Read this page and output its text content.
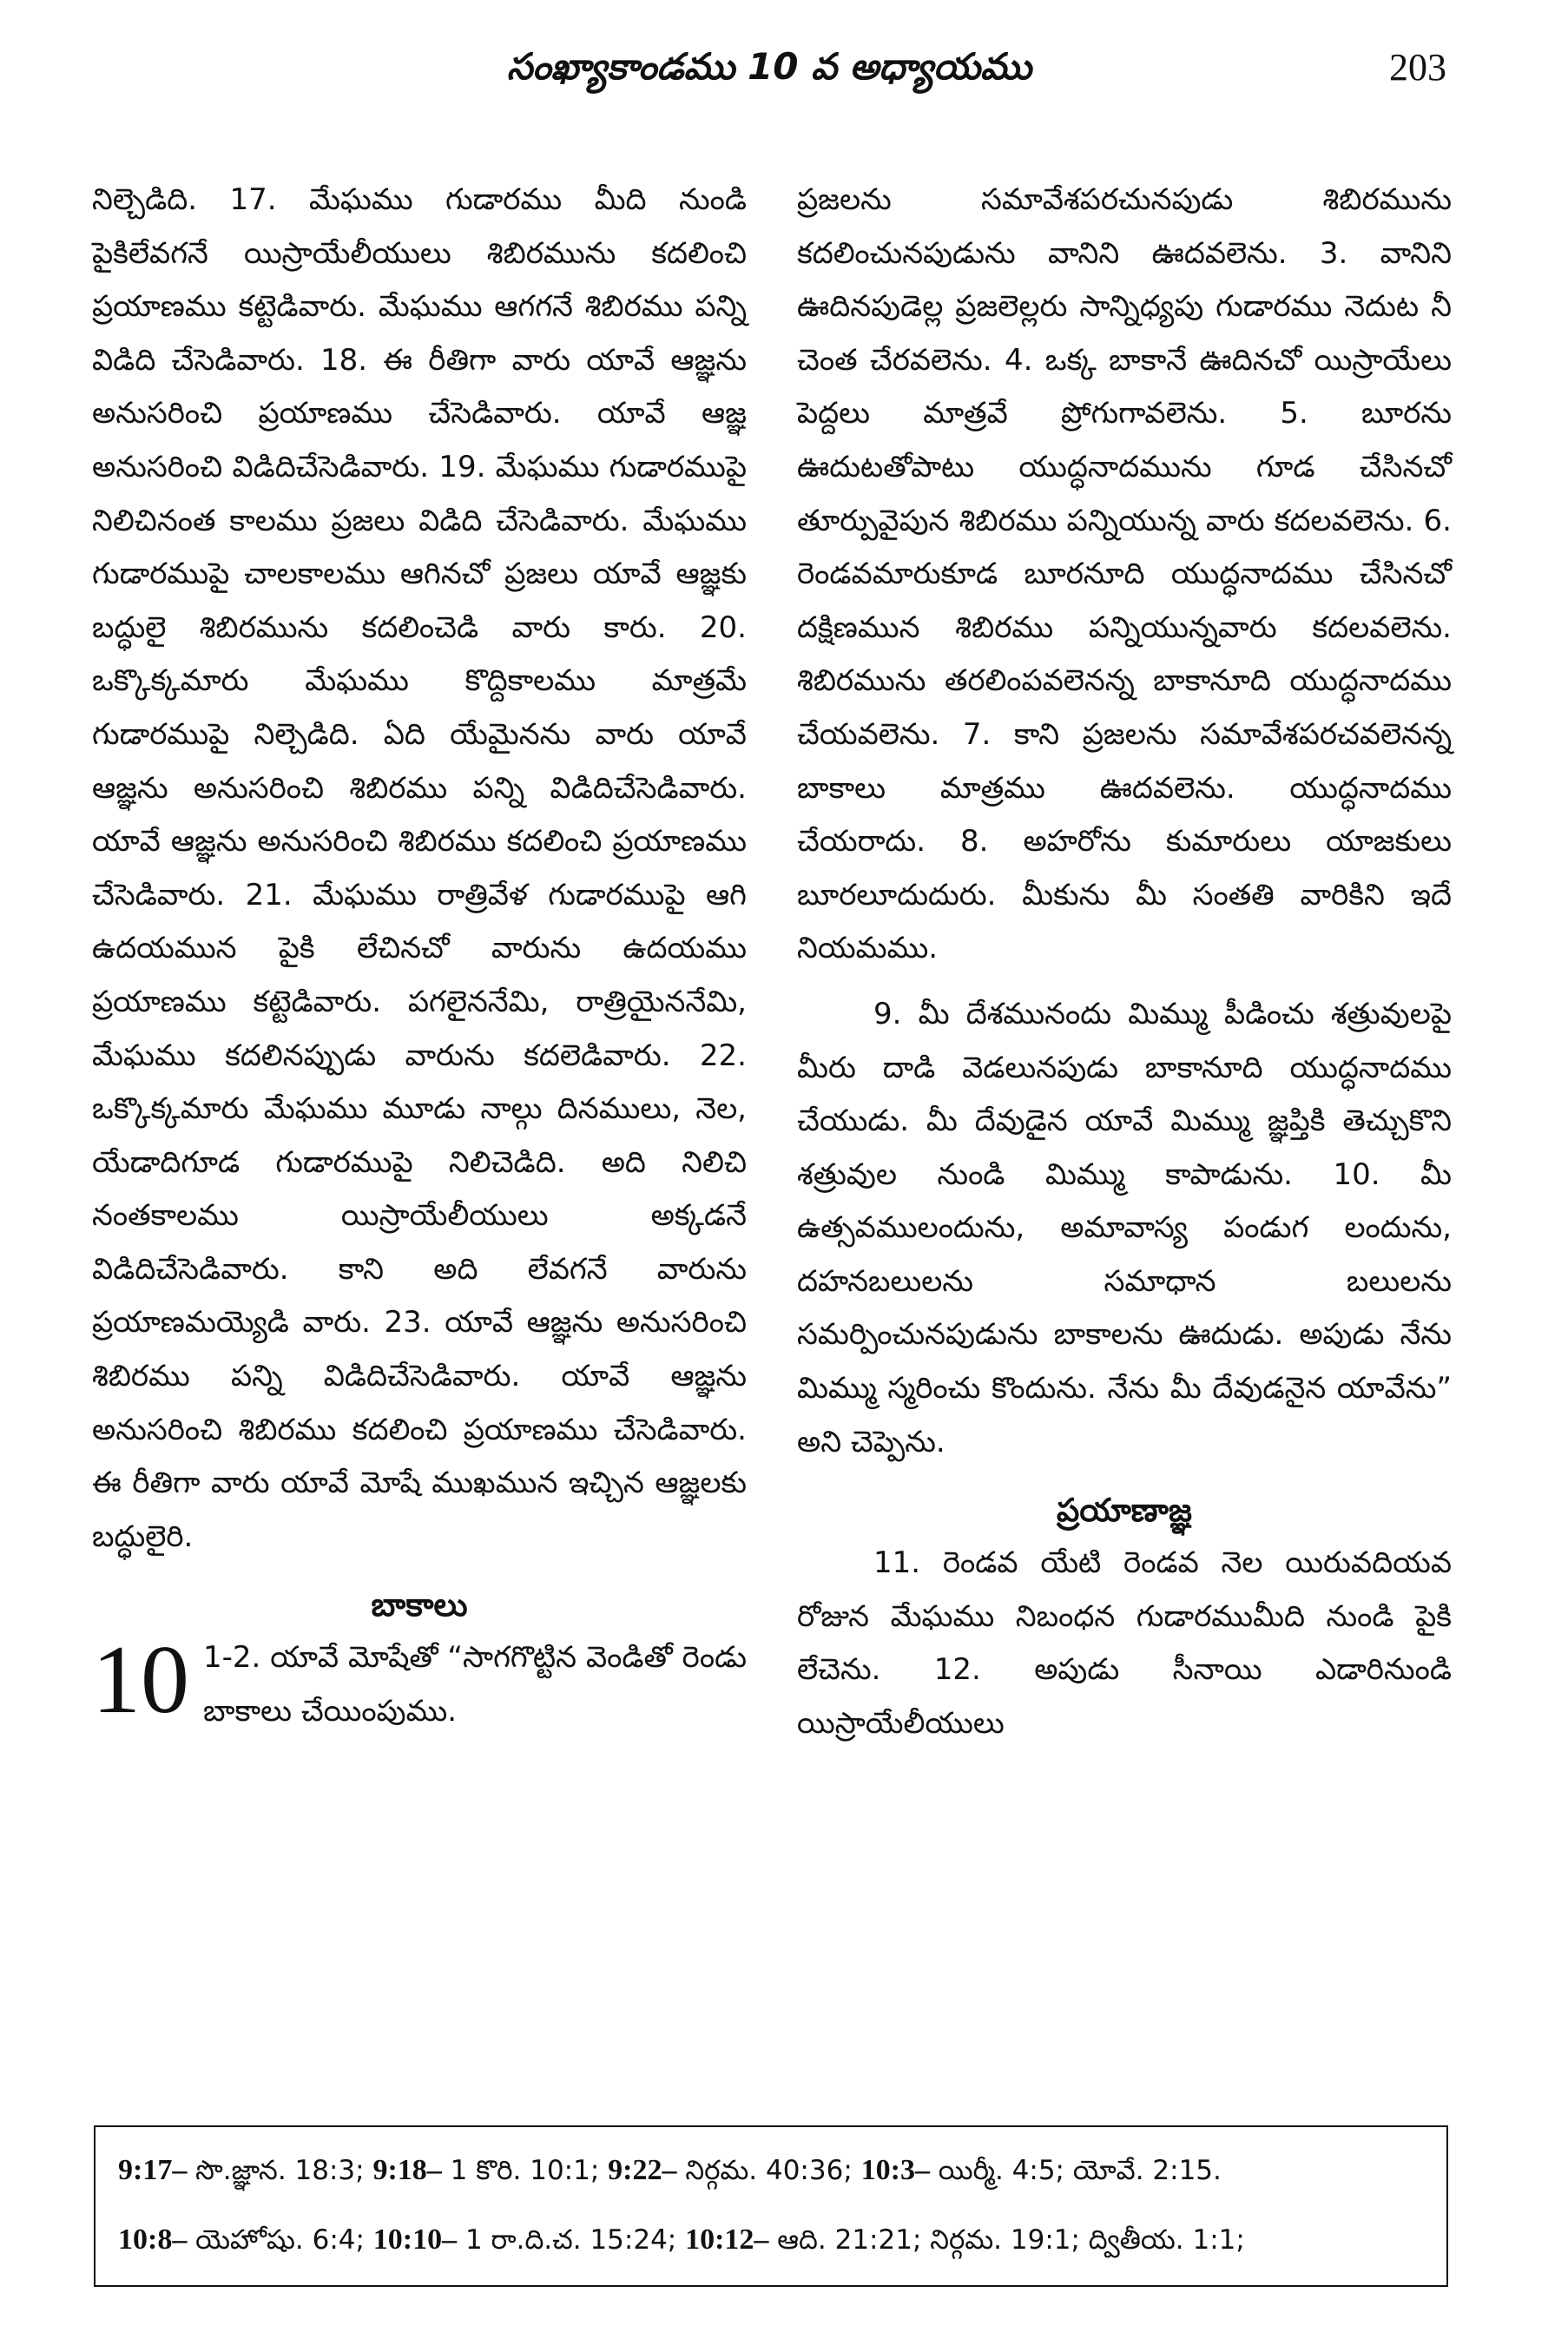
సంఖ్యాకాండము 10 వ అధ్యాయము	203

నిల్చెడిది. 17. మేఘము గుడారము మీది నుండి పైకిలేవగనే యిస్రాయేలీయులు శిబిరమును కదలించి ప్రయాణము కట్టెడివారు. మేఘము ఆగగనే శిబిరము పన్ని విడిది చేసెడివారు. 18. ఈ రీతిగా వారు యావే ఆజ్ఞను అనుసరించి ప్రయాణము చేసెడివారు. యావే ఆజ్ఞ అనుసరించి విడిదిచేసెడివారు. 19. మేఘము గుడారముపై నిలిచినంత కాలము ప్రజలు విడిది చేసెడివారు. మేఘము గుడారముపై చాలకాలము ఆగినచో ప్రజలు యావే ఆజ్ఞకు బద్ధులై శిబిరమును కదలించెడి వారు కారు. 20. ఒక్కొక్కమారు మేఘము కొద్దికాలము మాత్రమే గుడారముపై నిల్చెడిది. ఏది యేమైనను వారు యావే ఆజ్ఞను అనుసరించి శిబిరము పన్ని విడిదిచేసెడివారు. యావే ఆజ్ఞను అనుసరించి శిబిరము కదలించి ప్రయాణము చేసెడివారు. 21. మేఘము రాత్రివేళ గుడారముపై ఆగి ఉదయమున పైకి లేచినచో వారును ఉదయము ప్రయాణము కట్టెడివారు. పగలైననేమి, రాత్రియైననేమి, మేఘము కదలినప్పుడు వారును కదలెడివారు. 22. ఒక్కొక్కమారు మేఘము మూడు నాల్గు దినములు, నెల, యేడాదిగూడ గుడారముపై నిలిచెడిది. అది నిలిచి నంతకాలము యిస్రాయేలీయులు అక్కడనే విడిదిచేసెడివారు. కాని అది లేవగనే వారును ప్రయాణమయ్యెడి వారు. 23. యావే ఆజ్ఞను అనుసరించి శిబిరము పన్ని విడిదిచేసెడివారు. యావే ఆజ్ఞను అనుసరించి శిబిరము కదలించి ప్రయాణము చేసెడివారు. ఈ రీతిగా వారు యావే మోషే ముఖమున ఇచ్చిన ఆజ్ఞలకు బద్ధులైరి.

బాకాలు
10 1-2. యావే మోషేతో “సాగగొట్టిన వెండితో రెండు బాకాలు చేయింపుము.

ప్రజలను సమావేశపరచునపుడు శిబిరమును కదలించునపుడును వానిని ఊదవలెను. 3. వానిని ఊదినపుడెల్ల ప్రజలెల్లరు సాన్నిధ్యపు గుడారము నెదుట నీ చెంత చేరవలెను. 4. ఒక్క బాకానే ఊదినచో యిస్రాయేలు పెద్దలు మాత్రవే ప్రోగుగావలెను. 5. బూరను ఊదుటతోపాటు యుద్ధనాదమును గూడ చేసినచో తూర్పువైపున శిబిరము పన్నియున్న వారు కదలవలెను. 6. రెండవమారుకూడ బూరనూది యుద్ధనాదము చేసినచో దక్షిణమున శిబిరము పన్నియున్నవారు కదలవలెను. శిబిరమును తరలింపవలెనన్న బాకానూది యుద్ధనాదము చేయవలెను. 7. కాని ప్రజలను సమావేశపరచవలెనన్న బాకాలు మాత్రము ఊదవలెను. యుద్ధనాదము చేయరాదు. 8. అహరోను కుమారులు యాజకులు బూరలూదుదురు. మీకును మీ సంతతి వారికిని ఇదే నియమము.

9. మీ దేశమునందు మిమ్ము పీడించు శత్రువులపై మీరు దాడి వెడలునపుడు బాకానూది యుద్ధనాదము చేయుడు. మీ దేవుడైన యావే మిమ్ము జ్ఞప్తికి తెచ్చుకొని శత్రువుల నుండి మిమ్ము కాపాడును. 10. మీ ఉత్సవములందును, అమావాస్య పండుగ లందును, దహనబలులను సమాధాన బలులను సమర్పించునపుడును బాకాలను ఊదుడు. అపుడు నేను మిమ్ము స్మరించు కొందును. నేను మీ దేవుడనైన యావేను” అని చెప్పెను.

ప్రయాణాజ్ఞ

11. రెండవ యేటి రెండవ నెల యిరువదియవ రోజున మేఘము నిబంధన గుడారముమీది నుండి పైకి లేచెను. 12. అపుడు సీనాయి ఎడారినుండి యిస్రాయేలీయులు

9:17– సొ.జ్ఞాన. 18:3; 9:18– 1 కొరి. 10:1; 9:22– నిర్గమ. 40:36; 10:3– యిర్మీ. 4:5; యోవే. 2:15.
10:8– యెహోషు. 6:4; 10:10– 1 రా.ది.చ. 15:24; 10:12– ఆది. 21:21; నిర్గమ. 19:1; ద్వితీయ. 1:1;
